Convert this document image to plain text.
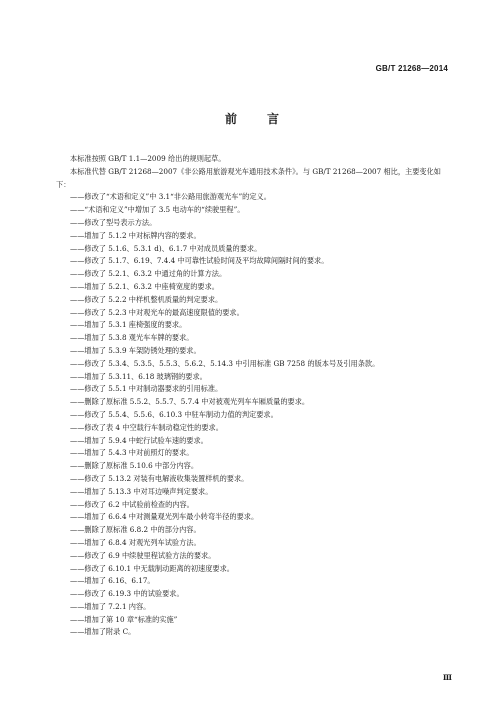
GB/T 21268—2014
前	言

本标准按照 GB/T 1.1—2009 给出的规则起草。

本标准代替 GB/T 21268—2007《非公路用旅游观光车通用技术条件》。与 GB/T 21268—2007 相比，主要变化如下：

——修改了“术语和定义”中 3.1“非公路用旅游观光车”的定义。

——“术语和定义”中增加了 3.5 电动车的“续驶里程”。

——修改了型号表示方法。

——增加了 5.1.2 中对标牌内容的要求。

——修改了 5.1.6、5.3.1 d)、6.1.7 中对成员质量的要求。

——修改了 5.1.7、6.19、7.4.4 中可靠性试验时间及平均故障间隔时间的要求。

——修改了 5.2.1、6.3.2 中通过角的计算方法。

——增加了 5.2.1、6.3.2 中座椅宽度的要求。

——修改了 5.2.2 中样机整机质量的判定要求。

——修改了 5.2.3 中对观光车的最高速度限值的要求。

——增加了 5.3.1 座椅强度的要求。

——增加了 5.3.8 观光车车牌的要求。

——增加了 5.3.9 车架防锈处理的要求。

——修改了 5.3.4、5.3.5、5.5.3、5.6.2、5.14.3 中引用标准 GB 7258 的版本号及引用条款。

——增加了 5.3.11、6.18 玻璃钢的要求。

——修改了 5.5.1 中对制动器要求的引用标准。

——删除了原标准 5.5.2、5.5.7、5.7.4 中对被观光列车车厢质量的要求。

——修改了 5.5.4、5.5.6、6.10.3 中驻车制动力值的判定要求。

——修改了表 4 中空载行车制动稳定性的要求。

——增加了 5.9.4 中蛇行试验车速的要求。

——增加了 5.4.3 中对前照灯的要求。

——删除了原标准 5.10.6 中部分内容。

——修改了 5.13.2 对装有电解液收集装置样机的要求。

——增加了 5.13.3 中对耳边噪声判定要求。

——修改了 6.2 中试验前检查的内容。

——增加了 6.6.4 中对测量观光列车最小转弯半径的要求。

——删除了原标准 6.8.2 中的部分内容。

——增加了 6.8.4 对观光列车试验方法。

——修改了 6.9 中续驶里程试验方法的要求。

——修改了 6.10.1 中无载制动距离的初速度要求。

——增加了 6.16、6.17。

——修改了 6.19.3 中的试验要求。

——增加了 7.2.1 内容。

——增加了第 10 章“标准的实施”

——增加了附录 C。

Ⅲ
